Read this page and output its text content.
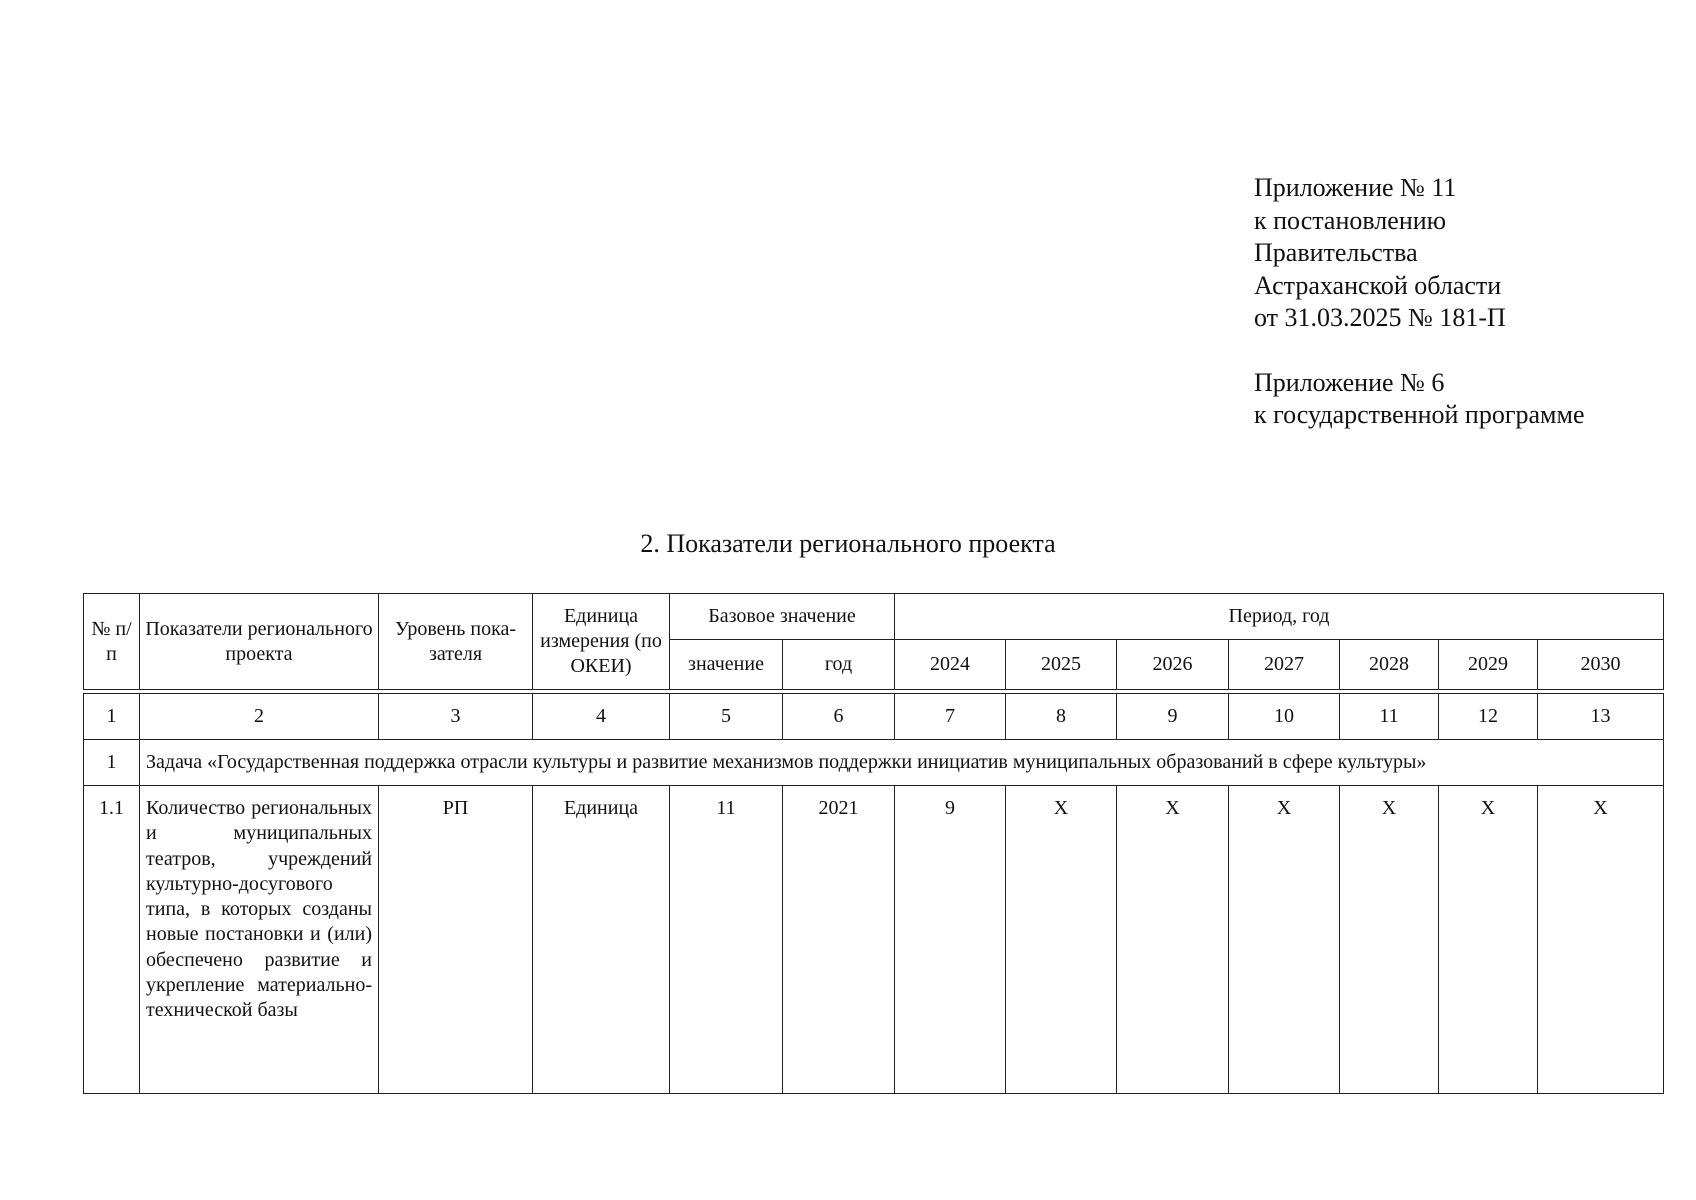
Приложение № 11
к постановлению
Правительства
Астраханской области
от 31.03.2025 № 181-П
Приложение № 6
к государственной программе
2. Показатели регионального проекта
№ п/п	Показатели регионального проекта	Уровень показателя	Единица измерения (по ОКЕИ)	Базовое значение		Период, год						
				значение	год	2024	2025	2026	2027	2028	2029	2030

1	2	3	4	5	6	7	8	9	10	11	12	13
1	Задача «Государственная поддержка отрасли культуры и развитие механизмов поддержки инициатив муниципальных образований в сфере культуры»											
1.1	Количество региональных и муниципальных театров, учреждений культурно-досугового типа, в которых созданы новые постановки и (или) обеспечено развитие и укрепление материально-технической базы	РП	Единица	11	2021	9	X	X	X	X	X	X
